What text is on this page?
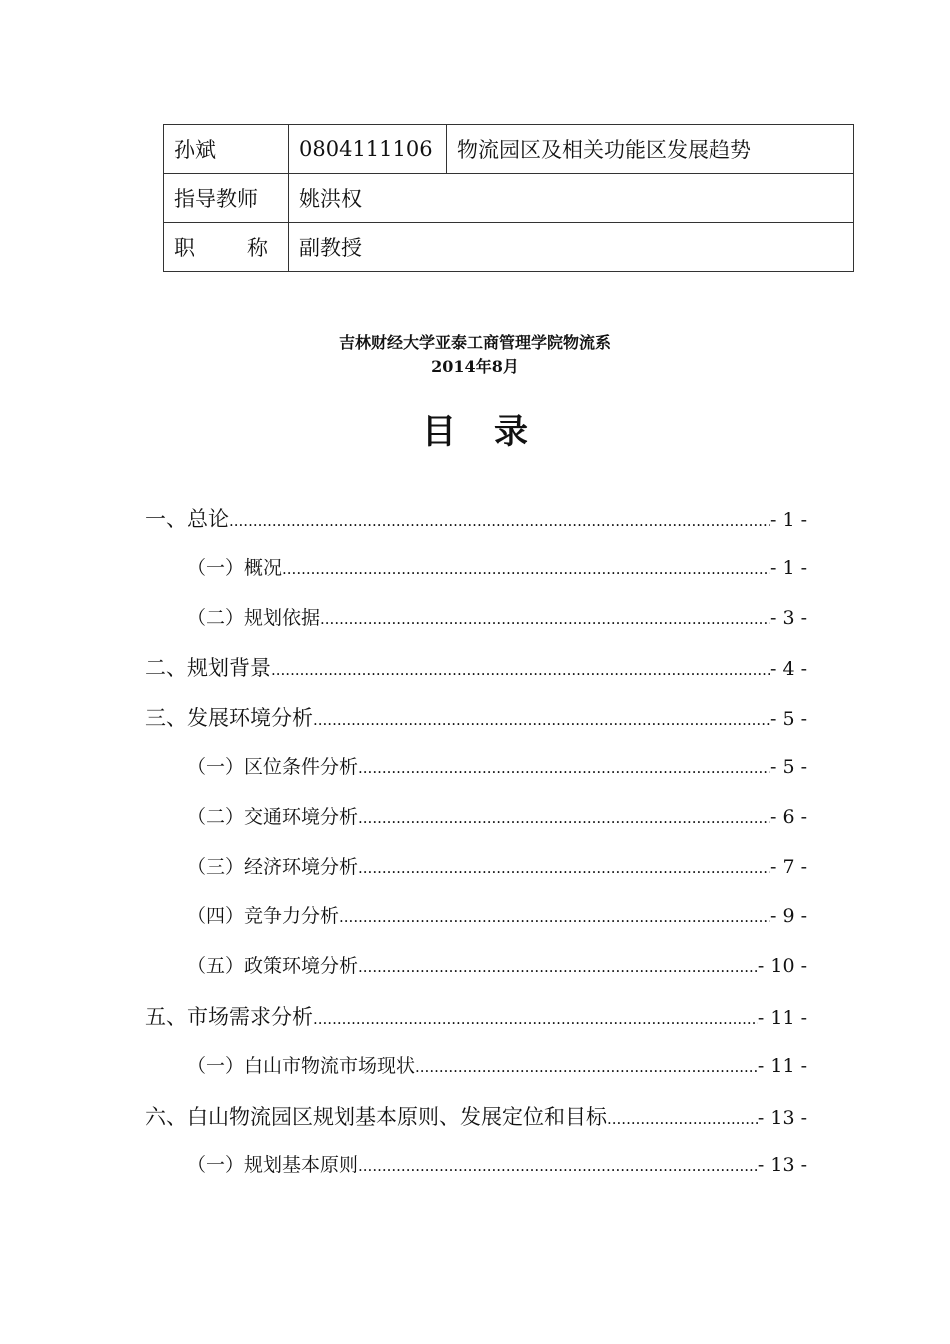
孙斌	0804111106	物流园区及相关功能区发展趋势
指导教师	姚洪权	

职 称	副教授	
吉林财经大学亚泰工商管理学院物流系
2014年8月
目录
一、总论 .....	- 1 -
（一）概况 .....	- 1 -
（二）规划依据 .....	- 3 -
二、规划背景 .....	- 4 -
三、发展环境分析 .....	- 5 -
（一）区位条件分析 .....	- 5 -
（二）交通环境分析 .....	- 6 -
（三）经济环境分析 .....	- 7 -
（四）竞争力分析 .....	- 9 -
（五）政策环境分析 .....	- 10 -
五、市场需求分析 .....	- 11 -
（一）白山市物流市场现状 .....	- 11 -
六、白山物流园区规划基本原则、发展定位和目标 .....	- 13 -
（一）规划基本原则 .....	- 13 -
